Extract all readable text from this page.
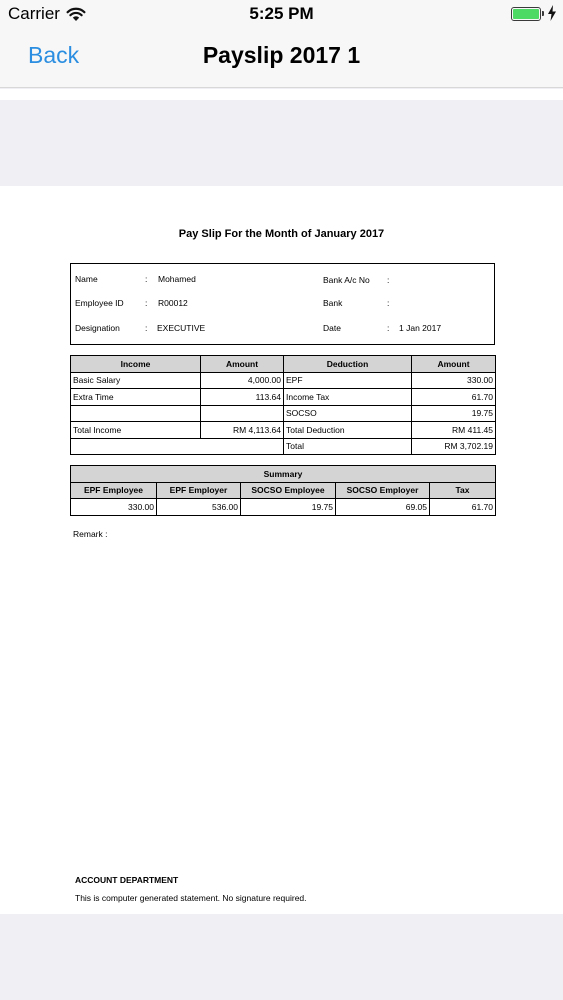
Carrier	5:25 PM
Back	Payslip 2017 1
Pay Slip For the Month of January 2017
Name	: Mohamed
Employee ID	: R00012
Designation	: EXECUTIVE
Bank A/c No :
Bank	:
Date	: 1 Jan 2017
Income	Amount	Deduction	Amount
Basic Salary	4,000.00	EPF	330.00
Extra Time	113.64	Income Tax	61.70
		SOCSO	19.75
Total Income	RM 4,113.64	Total Deduction	RM 411.45
		Total	RM 3,702.19
Summary				
EPF Employee	EPF Employer	SOCSO Employee	SOCSO Employer	Tax
330.00	536.00	19.75	69.05	61.70
Remark :
ACCOUNT DEPARTMENT
This is computer generated statement. No signature required.
